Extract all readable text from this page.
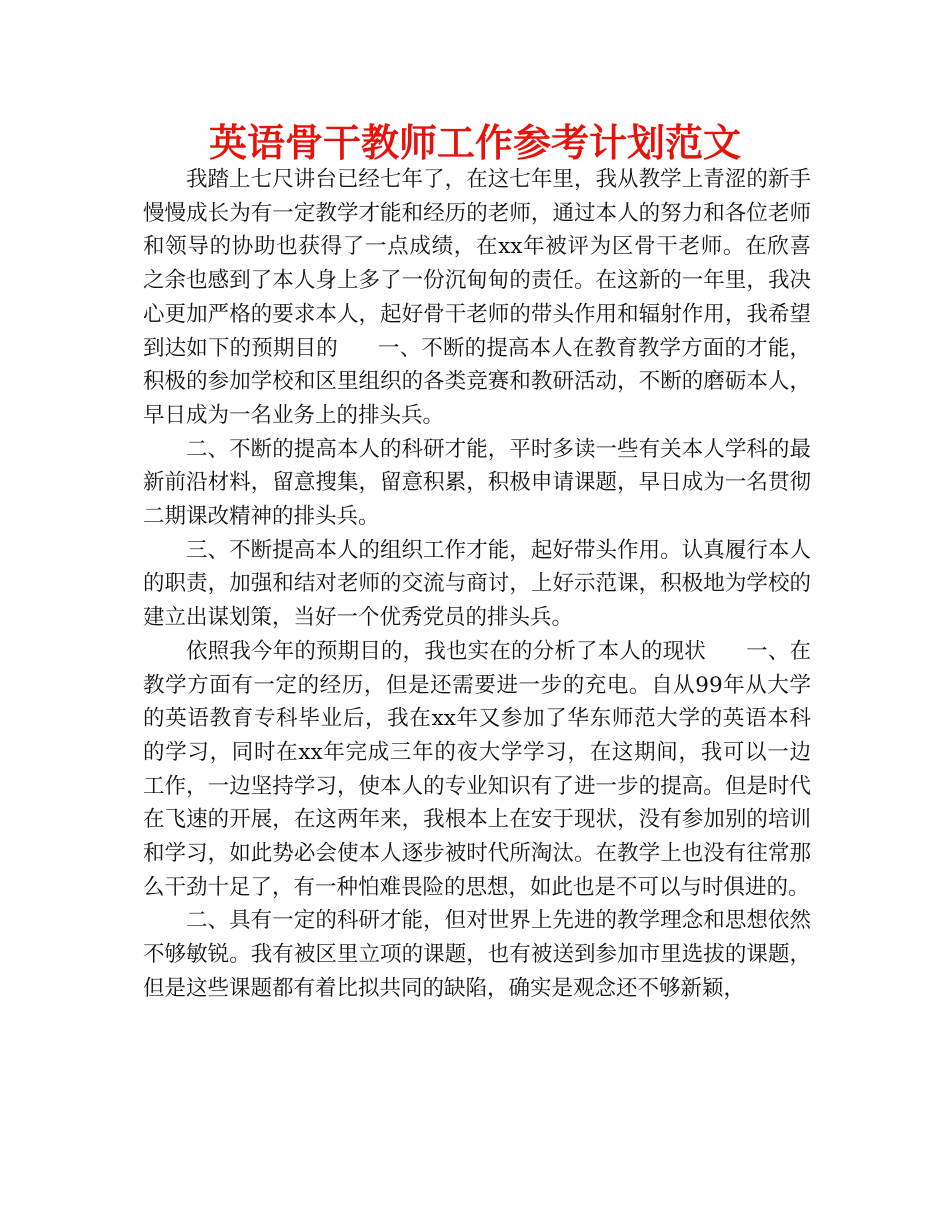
英语骨干教师工作参考计划范文

我踏上七尺讲台已经七年了，在这七年里，我从教学上青涩的新手慢慢成长为有一定教学才能和经历的老师，通过本人的努力和各位老师和领导的协助也获得了一点成绩，在xx年被评为区骨干老师。在欣喜之余也感到了本人身上多了一份沉甸甸的责任。在这新的一年里，我决心更加严格的要求本人，起好骨干老师的带头作用和辐射作用，我希望到达如下的预期目的 一、不断的提高本人在教育教学方面的才能，积极的参加学校和区里组织的各类竞赛和教研活动，不断的磨砺本人，早日成为一名业务上的排头兵。

二、不断的提高本人的科研才能，平时多读一些有关本人学科的最新前沿材料，留意搜集，留意积累，积极申请课题，早日成为一名贯彻二期课改精神的排头兵。

三、不断提高本人的组织工作才能，起好带头作用。认真履行本人的职责，加强和结对老师的交流与商讨，上好示范课，积极地为学校的建立出谋划策，当好一个优秀党员的排头兵。

依照我今年的预期目的，我也实在的分析了本人的现状 一、在教学方面有一定的经历，但是还需要进一步的充电。自从99年从大学的英语教育专科毕业后，我在xx年又参加了华东师范大学的英语本科的学习，同时在xx年完成三年的夜大学学习，在这期间，我可以一边工作，一边坚持学习，使本人的专业知识有了进一步的提高。但是时代在飞速的开展，在这两年来，我根本上在安于现状，没有参加别的培训和学习，如此势必会使本人逐步被时代所淘汰。在教学上也没有往常那么干劲十足了，有一种怕难畏险的思想，如此也是不可以与时俱进的。

二、具有一定的科研才能，但对世界上先进的教学理念和思想依然不够敏锐。我有被区里立项的课题，也有被送到参加市里选拔的课题，但是这些课题都有着比拟共同的缺陷，确实是观念还不够新颖，
